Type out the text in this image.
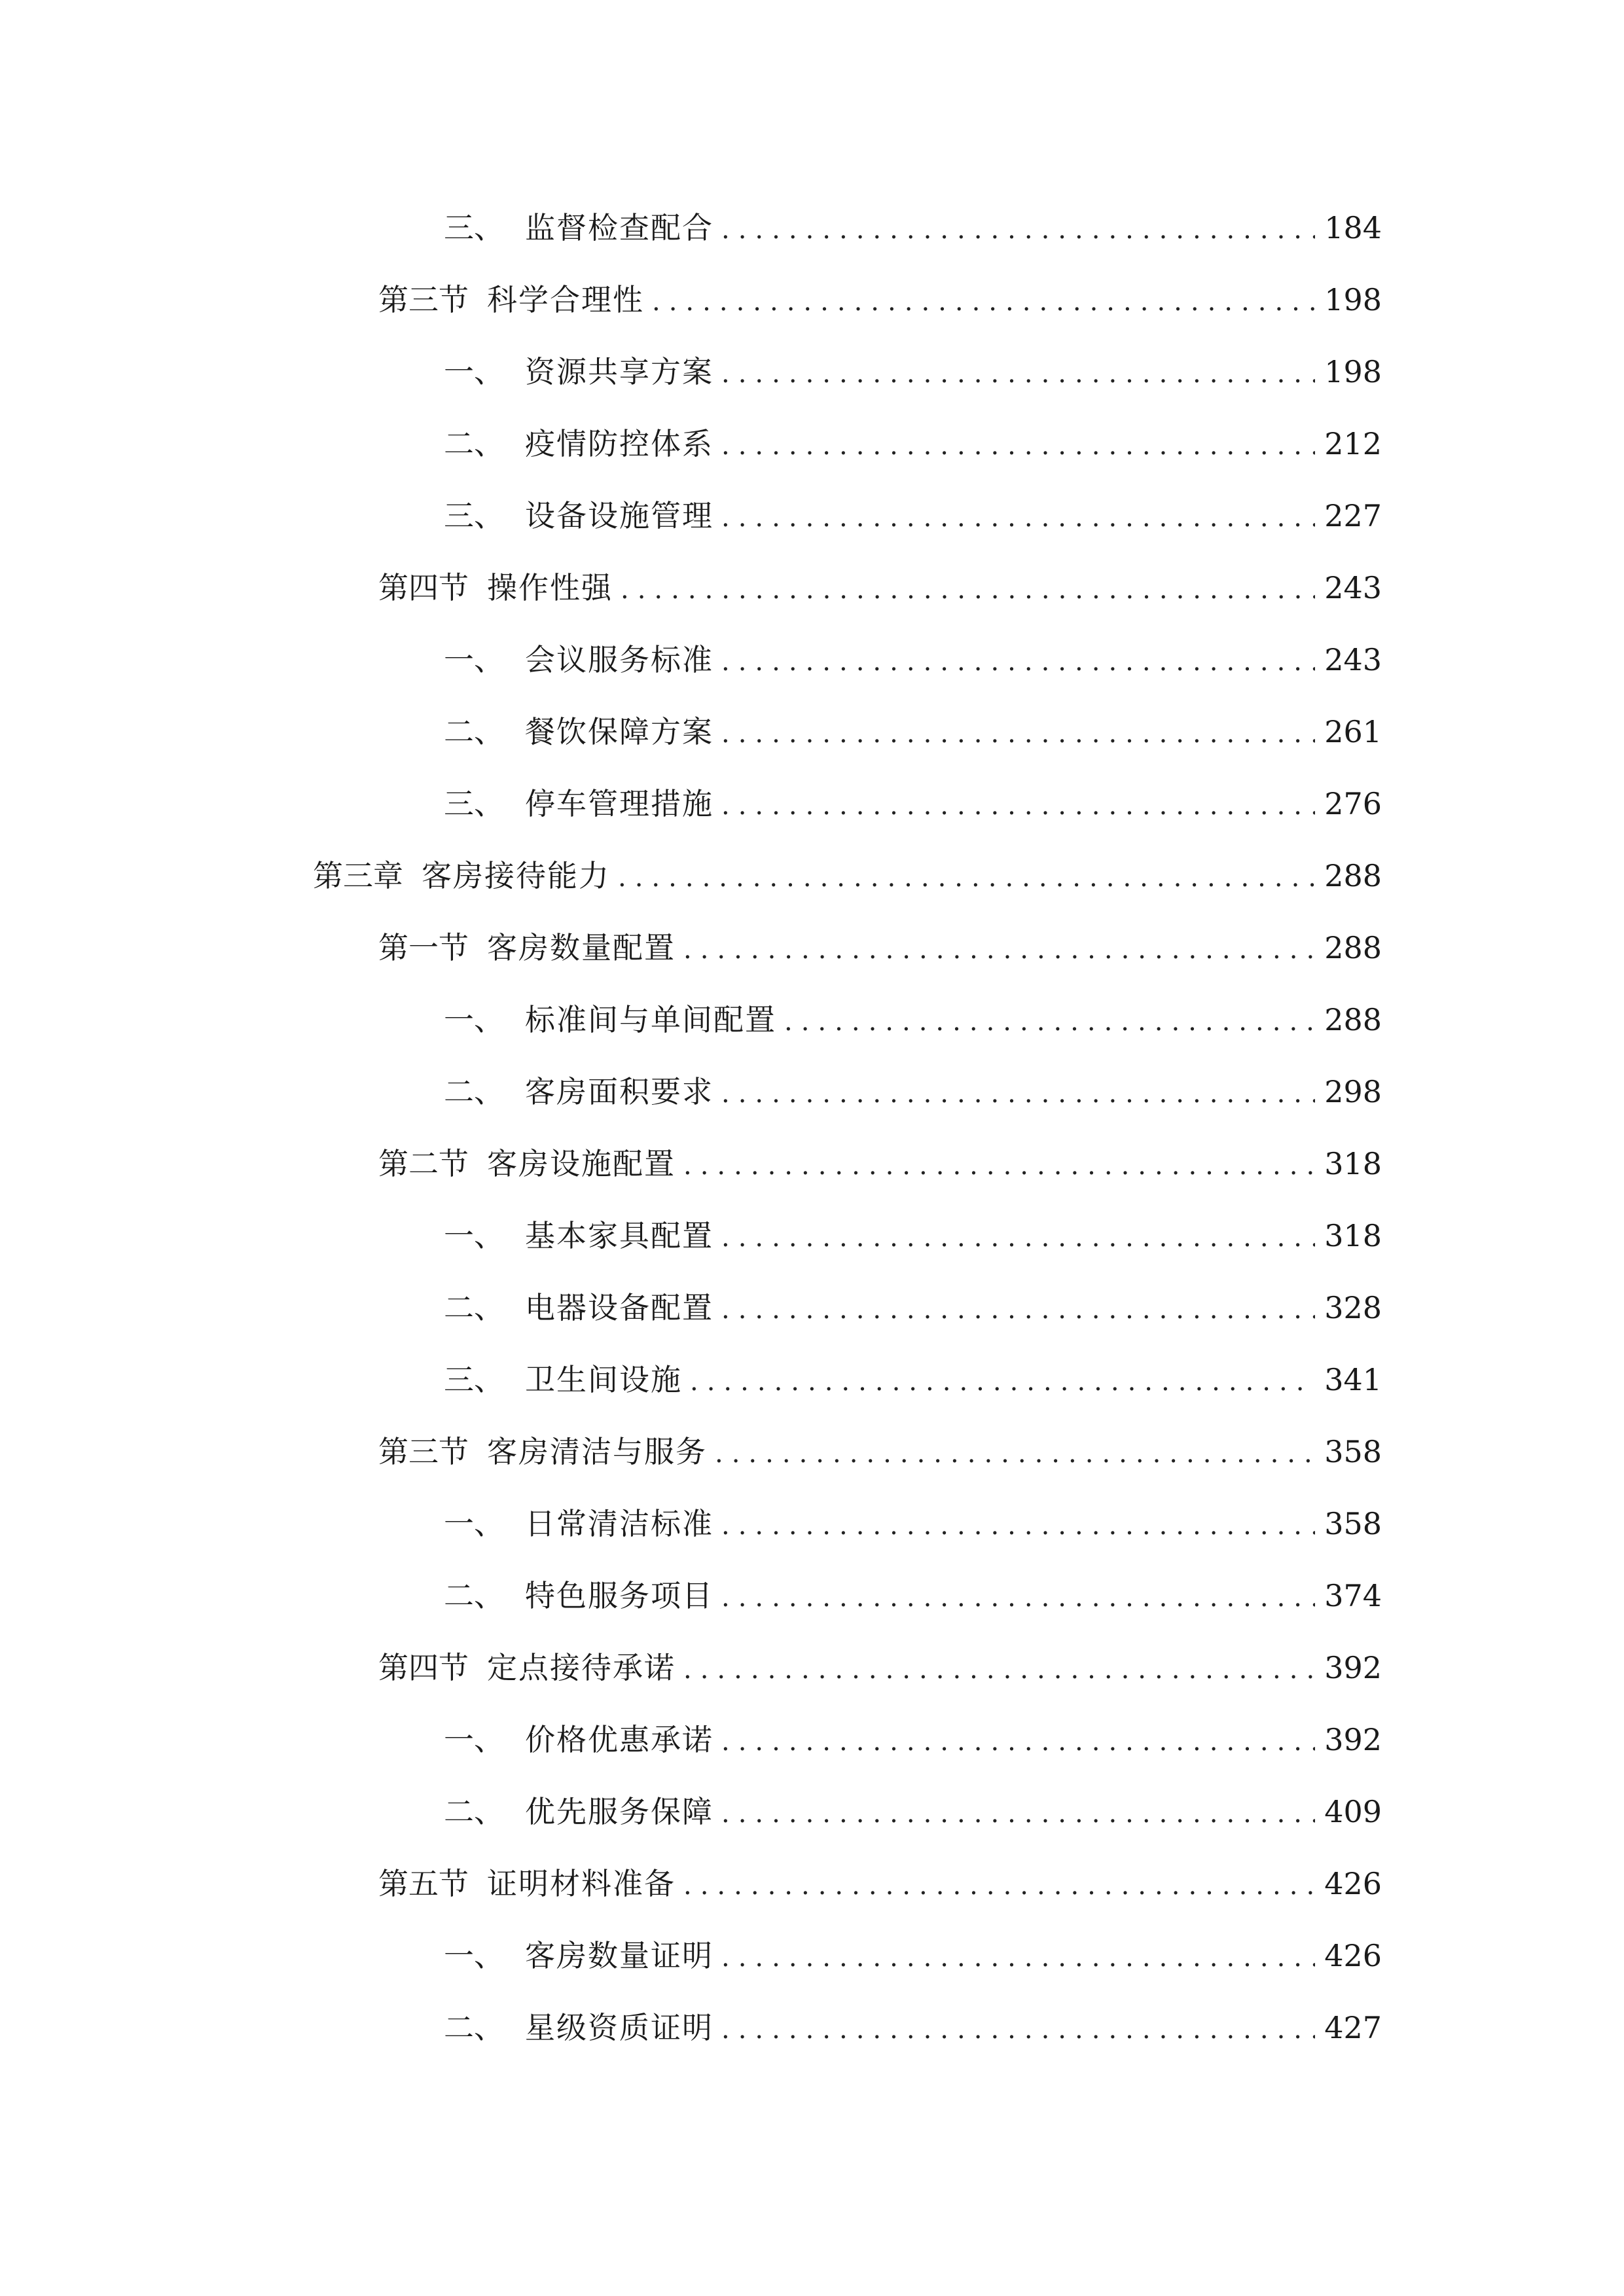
三、 监督检查配合 .....	184
第三节 科学合理性 .....	198
一、 资源共享方案 .....	198
二、 疫情防控体系 .....	212
三、 设备设施管理 .....	227
第四节 操作性强 .....	243
一、 会议服务标准 .....	243
二、 餐饮保障方案 .....	261
三、 停车管理措施 .....	276
第三章 客房接待能力 .....	288
第一节 客房数量配置 .....	288
一、 标准间与单间配置 .....	288
二、 客房面积要求 .....	298
第二节 客房设施配置 .....	318
一、 基本家具配置 .....	318
二、 电器设备配置 .....	328
三、 卫生间设施 .....	341
第三节 客房清洁与服务 .....	358
一、 日常清洁标准 .....	358
二、 特色服务项目 .....	374
第四节 定点接待承诺 .....	392
一、 价格优惠承诺 .....	392
二、 优先服务保障 .....	409
第五节 证明材料准备 .....	426
一、 客房数量证明 .....	426
二、 星级资质证明 .....	427
